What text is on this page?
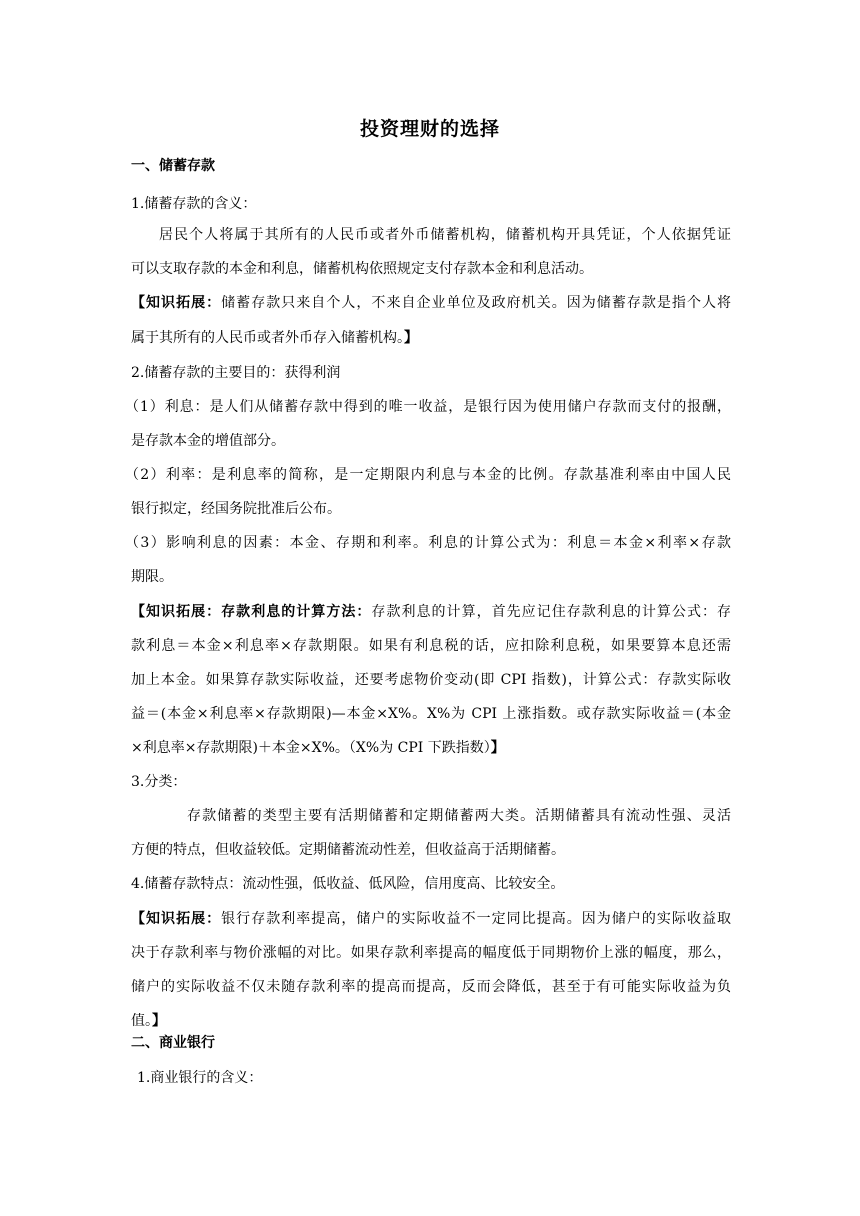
投资理财的选择
一、储蓄存款
1.储蓄存款的含义：
居民个人将属于其所有的人民币或者外币储蓄机构，储蓄机构开具凭证，个人依据凭证
可以支取存款的本金和利息，储蓄机构依照规定支付存款本金和利息活动。
【知识拓展：储蓄存款只来自个人，不来自企业单位及政府机关。因为储蓄存款是指个人将
属于其所有的人民币或者外币存入储蓄机构。】
2.储蓄存款的主要目的：获得利润
（1）利息：是人们从储蓄存款中得到的唯一收益，是银行因为使用储户存款而支付的报酬，
是存款本金的增值部分。
（2）利率：是利息率的简称，是一定期限内利息与本金的比例。存款基准利率由中国人民
银行拟定，经国务院批准后公布。
（3）影响利息的因素：本金、存期和利率。利息的计算公式为：利息＝本金×利率×存款
期限。
【知识拓展：存款利息的计算方法：存款利息的计算，首先应记住存款利息的计算公式：存
款利息＝本金×利息率×存款期限。如果有利息税的话，应扣除利息税，如果要算本息还需
加上本金。如果算存款实际收益，还要考虑物价变动(即 CPI 指数)，计算公式：存款实际收
益＝(本金×利息率×存款期限)—本金×X%。X%为 CPI 上涨指数。或存款实际收益＝(本金
×利息率×存款期限)＋本金×X%。（X%为 CPI 下跌指数）】
3.分类：
存款储蓄的类型主要有活期储蓄和定期储蓄两大类。活期储蓄具有流动性强、灵活
方便的特点，但收益较低。定期储蓄流动性差，但收益高于活期储蓄。
4.储蓄存款特点：流动性强，低收益、低风险，信用度高、比较安全。
【知识拓展：银行存款利率提高，储户的实际收益不一定同比提高。因为储户的实际收益取
决于存款利率与物价涨幅的对比。如果存款利率提高的幅度低于同期物价上涨的幅度，那么，
储户的实际收益不仅未随存款利率的提高而提高，反而会降低，甚至于有可能实际收益为负
值。】
二、商业银行
1.商业银行的含义：
